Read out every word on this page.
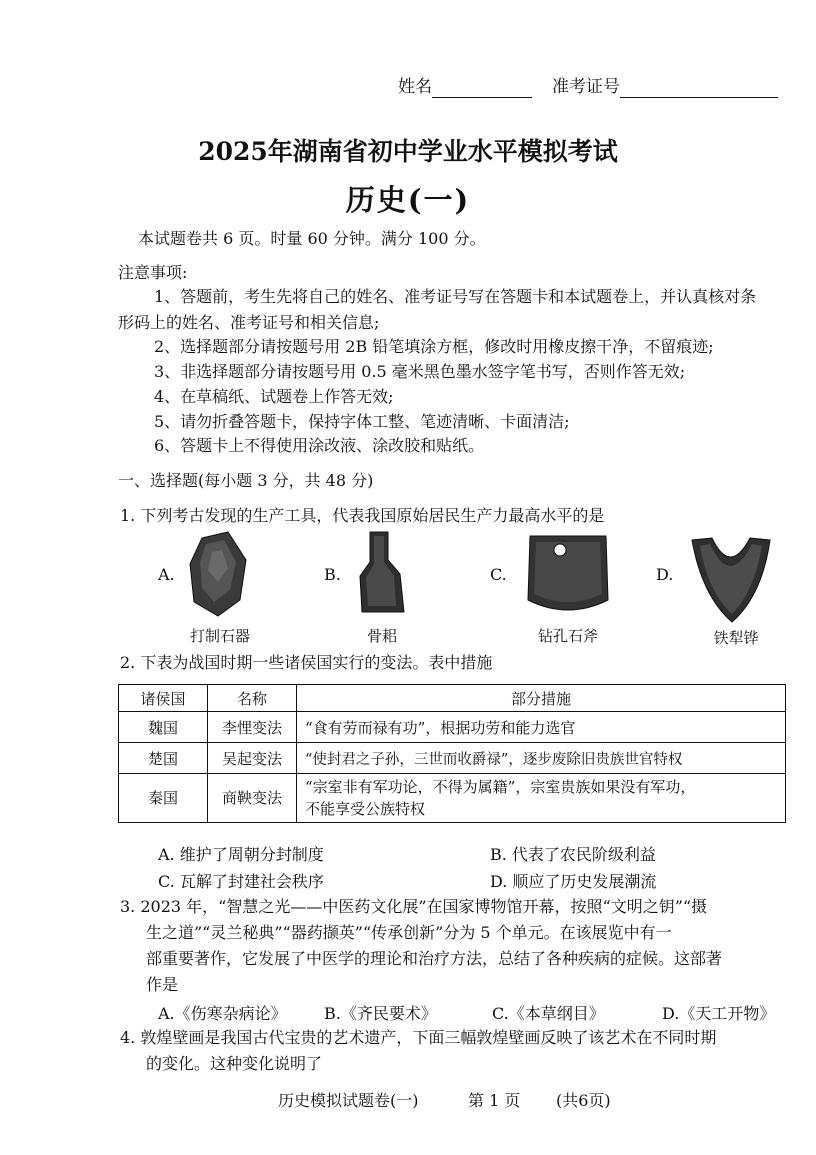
姓名	准考证号
2025年湖南省初中学业水平模拟考试
历史(一)
本试题卷共 6 页。时量 60 分钟。满分 100 分。
注意事项:
1、答题前，考生先将自己的姓名、准考证号写在答题卡和本试题卷上，并认真核对条
形码上的姓名、准考证号和相关信息;
2、选择题部分请按题号用 2B 铅笔填涂方框，修改时用橡皮擦干净，不留痕迹;
3、非选择题部分请按题号用 0.5 毫米黑色墨水签字笔书写，否则作答无效;
4、在草稿纸、试题卷上作答无效;
5、请勿折叠答题卡，保持字体工整、笔迹清晰、卡面清洁;
6、答题卡上不得使用涂改液、涂改胶和贴纸。
一、选择题(每小题 3 分，共 48 分)
1. 下列考古发现的生产工具，代表我国原始居民生产力最高水平的是
A.
打制石器
B.
骨耜
C.
钻孔石斧
D.
铁犁铧
2. 下表为战国时期一些诸侯国实行的变法。表中措施
诸侯国	名称	部分措施
魏国	李悝变法	“食有劳而禄有功”，根据功劳和能力选官
楚国	吴起变法	“使封君之子孙，三世而收爵禄”，逐步废除旧贵族世官特权
秦国	商鞅变法	“宗室非有军功论，不得为属籍”，宗室贵族如果没有军功，
不能享受公族特权
A. 维护了周朝分封制度	B. 代表了农民阶级利益
C. 瓦解了封建社会秩序	D. 顺应了历史发展潮流
3. 2023 年，“智慧之光——中医药文化展”在国家博物馆开幕，按照“文明之钥”“摄
生之道”“灵兰秘典”“器药撷英”“传承创新”分为 5 个单元。在该展览中有一
部重要著作，它发展了中医学的理论和治疗方法，总结了各种疾病的症候。这部著
作是
A.《伤寒杂病论》 B.《齐民要术》	C.《本草纲目》	D.《天工开物》
4. 敦煌壁画是我国古代宝贵的艺术遗产，下面三幅敦煌壁画反映了该艺术在不同时期
的变化。这种变化说明了
历史模拟试题卷(一)	第 1 页 (共6页)
